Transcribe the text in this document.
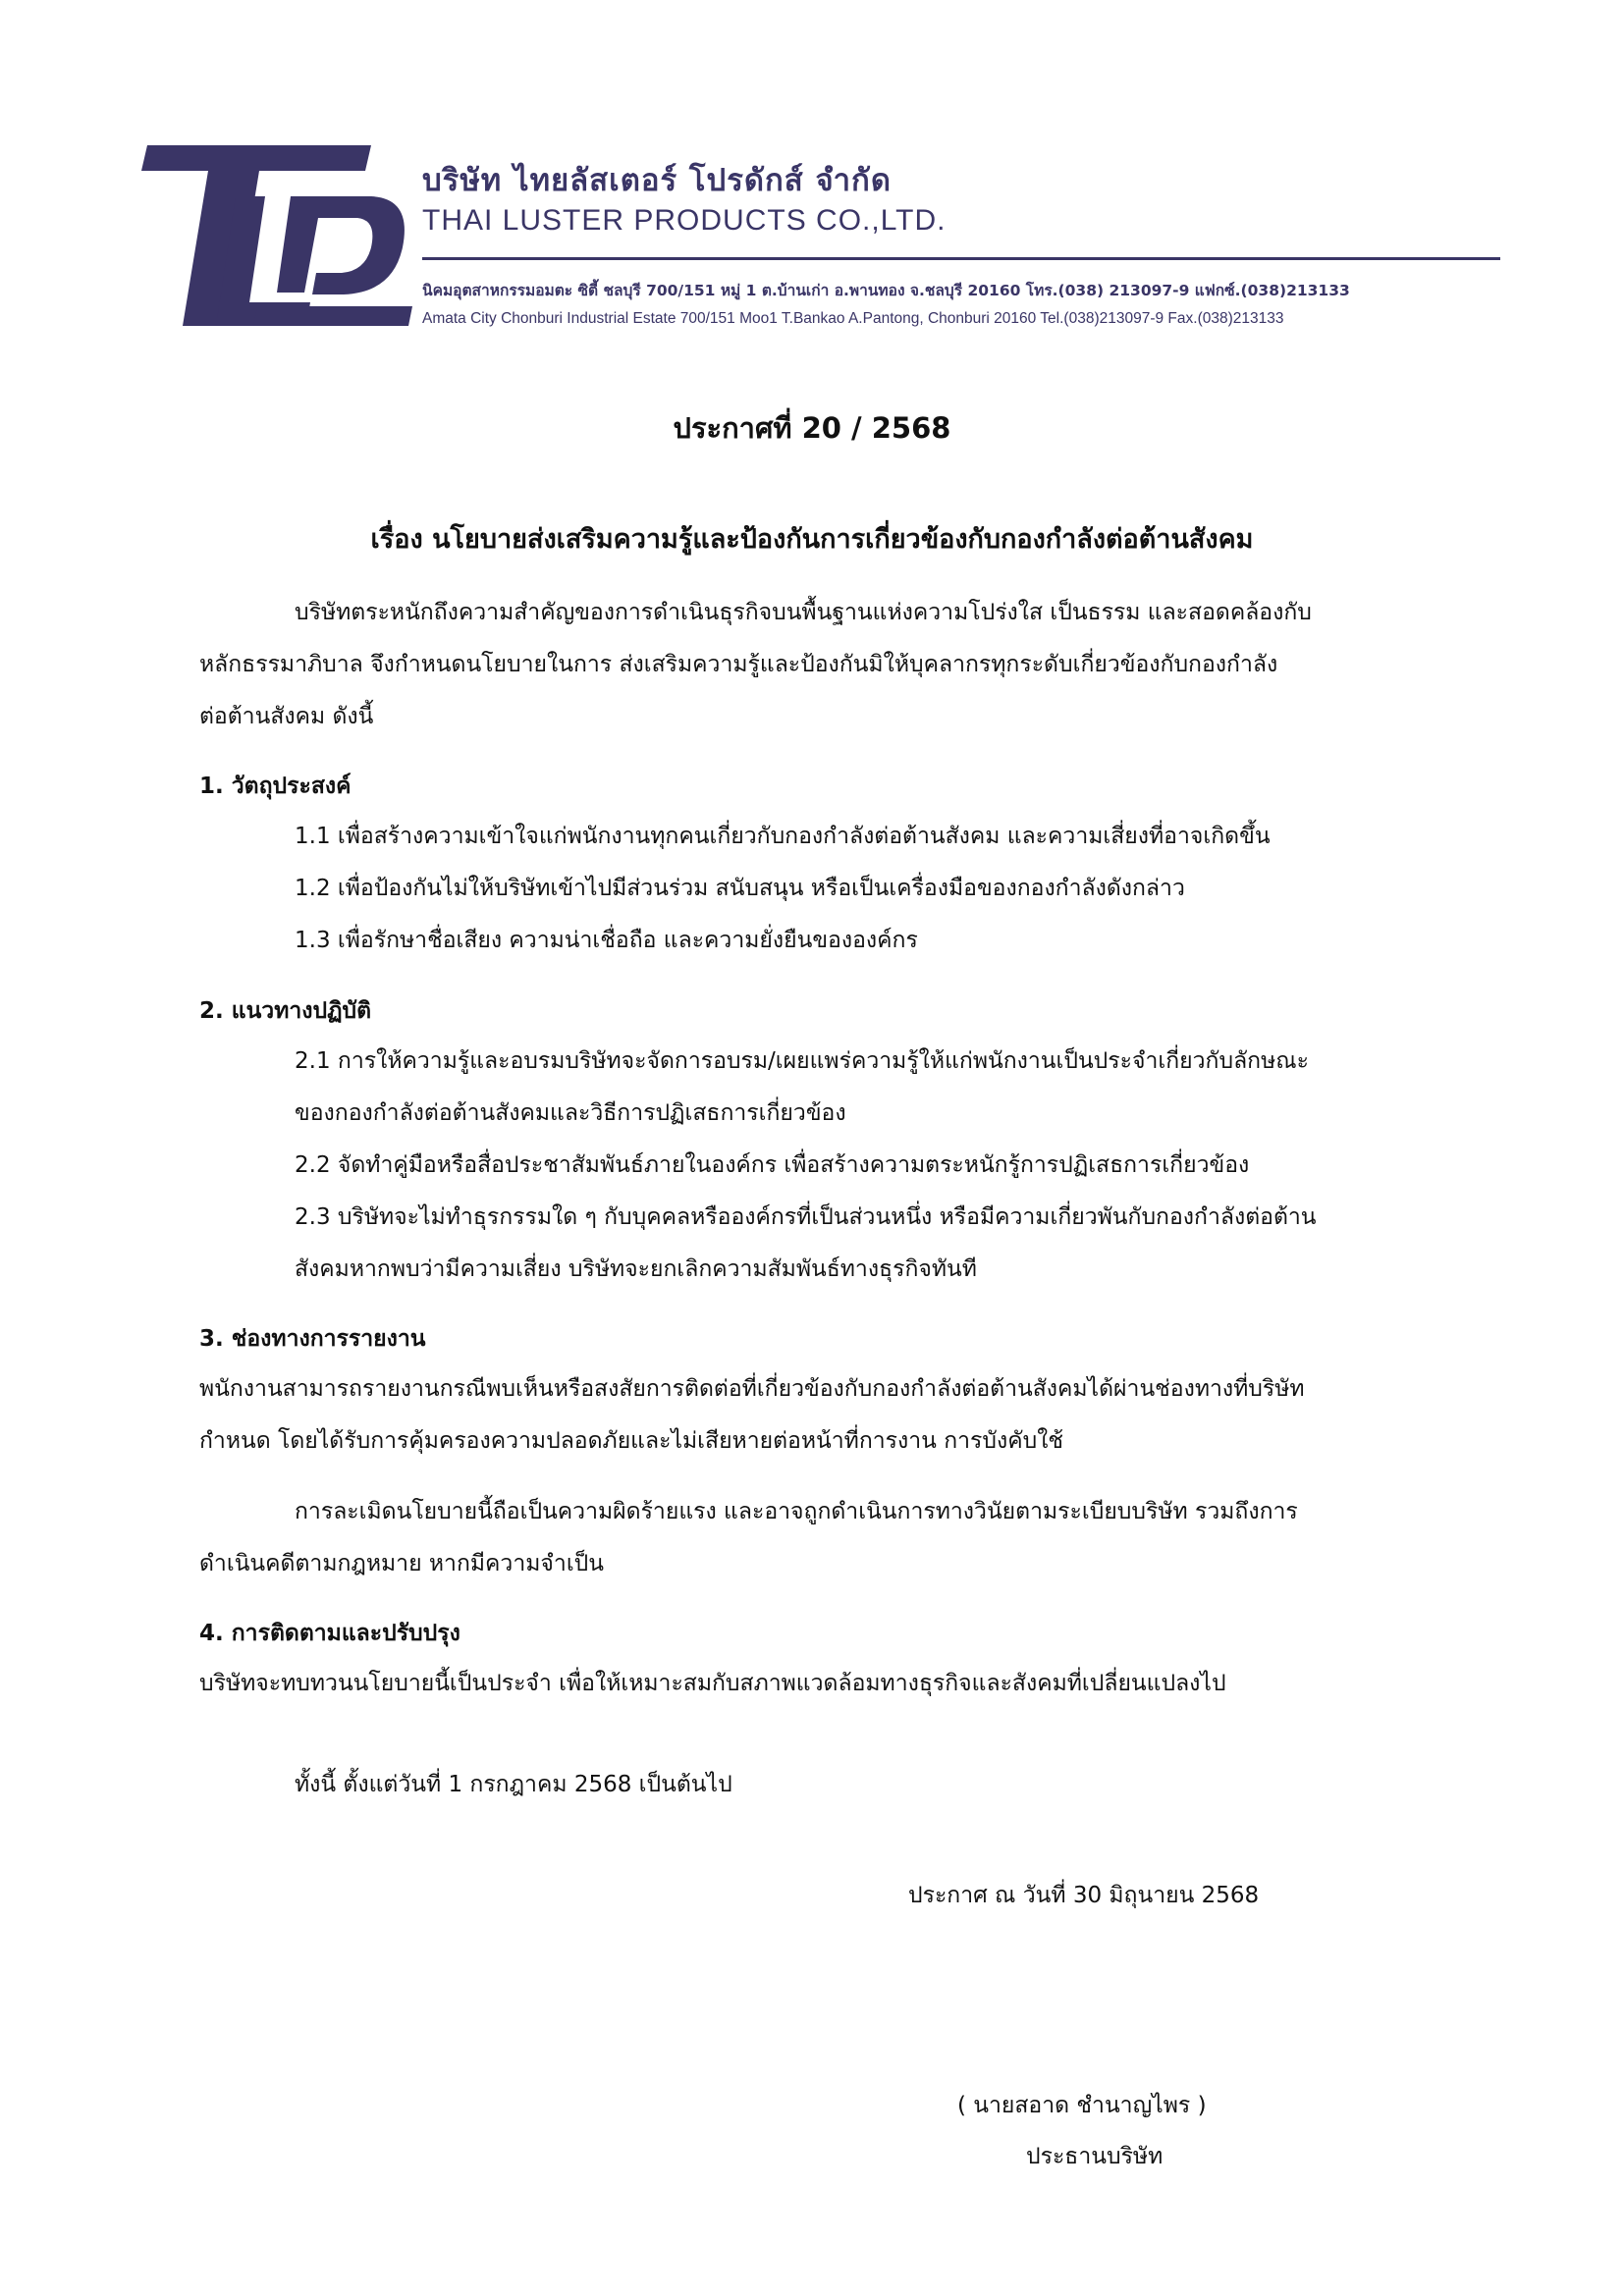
บริษัท ไทยลัสเตอร์ โปรดักส์ จำกัด
THAI LUSTER PRODUCTS CO.,LTD.
นิคมอุตสาหกรรมอมตะ ซิตี้ ชลบุรี 700/151 หมู่ 1 ต.บ้านเก่า อ.พานทอง จ.ชลบุรี 20160 โทร.(038) 213097-9 แฟกซ์.(038)213133
Amata City Chonburi Industrial Estate 700/151 Moo1 T.Bankao A.Pantong, Chonburi 20160 Tel.(038)213097-9 Fax.(038)213133
ประกาศที่ 20 / 2568
เรื่อง นโยบายส่งเสริมความรู้และป้องกันการเกี่ยวข้องกับกองกำลังต่อต้านสังคม
บริษัทตระหนักถึงความสำคัญของการดำเนินธุรกิจบนพื้นฐานแห่งความโปร่งใส เป็นธรรม และสอดคล้องกับ
หลักธรรมาภิบาล จึงกำหนดนโยบายในการ ส่งเสริมความรู้และป้องกันมิให้บุคลากรทุกระดับเกี่ยวข้องกับกองกำลัง
ต่อต้านสังคม ดังนี้
1. วัตถุประสงค์
1.1 เพื่อสร้างความเข้าใจแก่พนักงานทุกคนเกี่ยวกับกองกำลังต่อต้านสังคม และความเสี่ยงที่อาจเกิดขึ้น
1.2 เพื่อป้องกันไม่ให้บริษัทเข้าไปมีส่วนร่วม สนับสนุน หรือเป็นเครื่องมือของกองกำลังดังกล่าว
1.3 เพื่อรักษาชื่อเสียง ความน่าเชื่อถือ และความยั่งยืนขององค์กร
2. แนวทางปฏิบัติ
2.1 การให้ความรู้และอบรมบริษัทจะจัดการอบรม/เผยแพร่ความรู้ให้แก่พนักงานเป็นประจำเกี่ยวกับลักษณะ
ของกองกำลังต่อต้านสังคมและวิธีการปฏิเสธการเกี่ยวข้อง
2.2 จัดทำคู่มือหรือสื่อประชาสัมพันธ์ภายในองค์กร เพื่อสร้างความตระหนักรู้การปฏิเสธการเกี่ยวข้อง
2.3 บริษัทจะไม่ทำธุรกรรมใด ๆ กับบุคคลหรือองค์กรที่เป็นส่วนหนึ่ง หรือมีความเกี่ยวพันกับกองกำลังต่อต้าน
สังคมหากพบว่ามีความเสี่ยง บริษัทจะยกเลิกความสัมพันธ์ทางธุรกิจทันที
3. ช่องทางการรายงาน
พนักงานสามารถรายงานกรณีพบเห็นหรือสงสัยการติดต่อที่เกี่ยวข้องกับกองกำลังต่อต้านสังคมได้ผ่านช่องทางที่บริษัท
กำหนด โดยได้รับการคุ้มครองความปลอดภัยและไม่เสียหายต่อหน้าที่การงาน การบังคับใช้
การละเมิดนโยบายนี้ถือเป็นความผิดร้ายแรง และอาจถูกดำเนินการทางวินัยตามระเบียบบริษัท รวมถึงการ
ดำเนินคดีตามกฎหมาย หากมีความจำเป็น
4. การติดตามและปรับปรุง
บริษัทจะทบทวนนโยบายนี้เป็นประจำ เพื่อให้เหมาะสมกับสภาพแวดล้อมทางธุรกิจและสังคมที่เปลี่ยนแปลงไป
ทั้งนี้ ตั้งแต่วันที่ 1 กรกฎาคม 2568 เป็นต้นไป
ประกาศ ณ วันที่ 30 มิถุนายน 2568
( นายสอาด ชำนาญไพร )
ประธานบริษัท
